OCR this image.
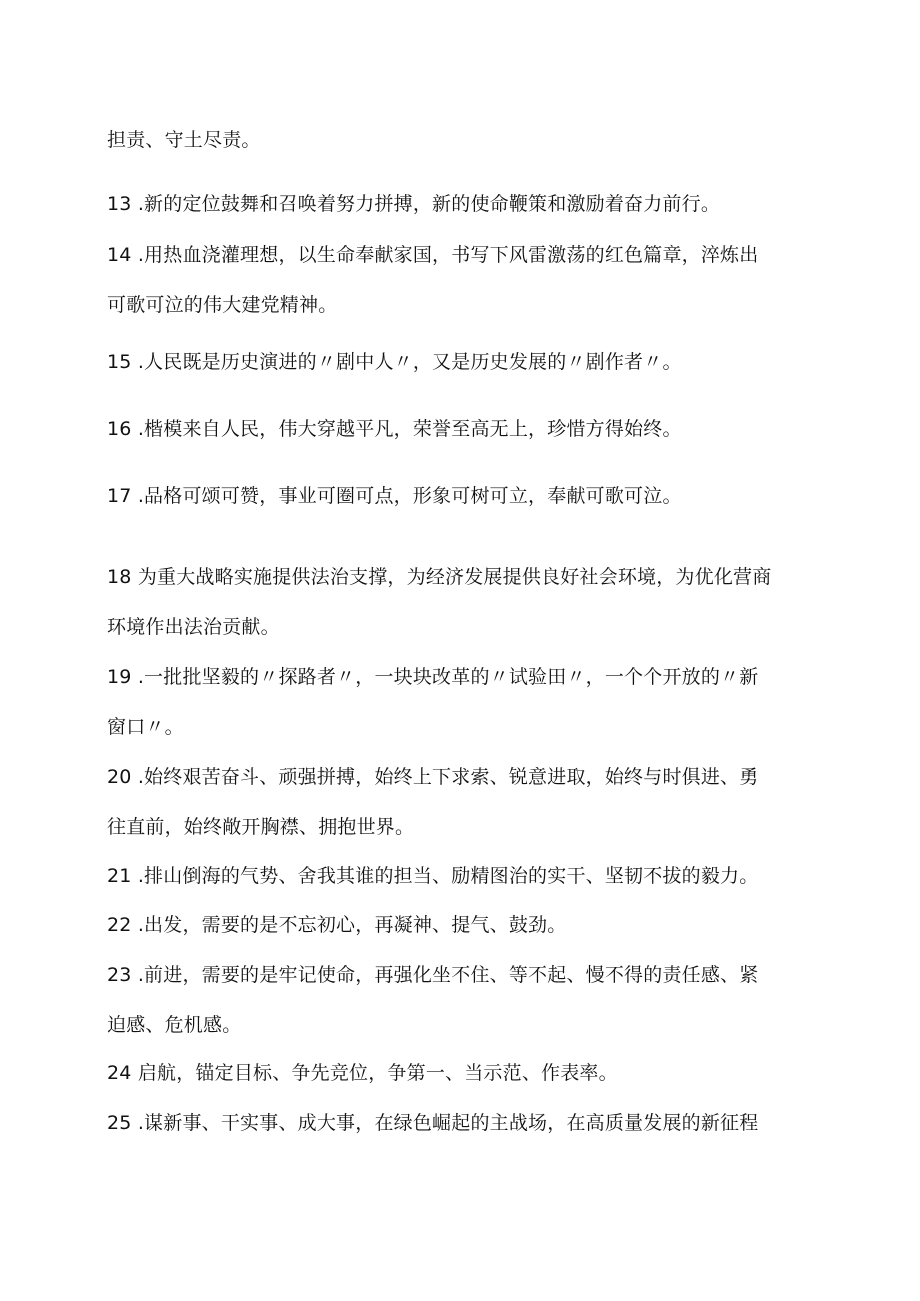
担责、守土尽责。
13 .新的定位鼓舞和召唤着努力拼搏，新的使命鞭策和激励着奋力前行。
14 .用热血浇灌理想，以生命奉献家国，书写下风雷激荡的红色篇章，淬炼出
可歌可泣的伟大建党精神。
15 .人民既是历史演进的〃剧中人〃，又是历史发展的〃剧作者〃。
16 .楷模来自人民，伟大穿越平凡，荣誉至高无上，珍惜方得始终。
17 .品格可颂可赞，事业可圈可点，形象可树可立，奉献可歌可泣。
18 为重大战略实施提供法治支撑，为经济发展提供良好社会环境，为优化营商
环境作出法治贡献。
19 .一批批坚毅的〃探路者〃，一块块改革的〃试验田〃，一个个开放的〃新
窗口〃。
20 .始终艰苦奋斗、顽强拼搏，始终上下求索、锐意进取，始终与时俱进、勇
往直前，始终敞开胸襟、拥抱世界。
21 .排山倒海的气势、舍我其谁的担当、励精图治的实干、坚韧不拔的毅力。
22 .出发，需要的是不忘初心，再凝神、提气、鼓劲。
23 .前进，需要的是牢记使命，再强化坐不住、等不起、慢不得的责任感、紧
迫感、危机感。
24 启航，锚定目标、争先竞位，争第一、当示范、作表率。
25 .谋新事、干实事、成大事，在绿色崛起的主战场，在高质量发展的新征程
